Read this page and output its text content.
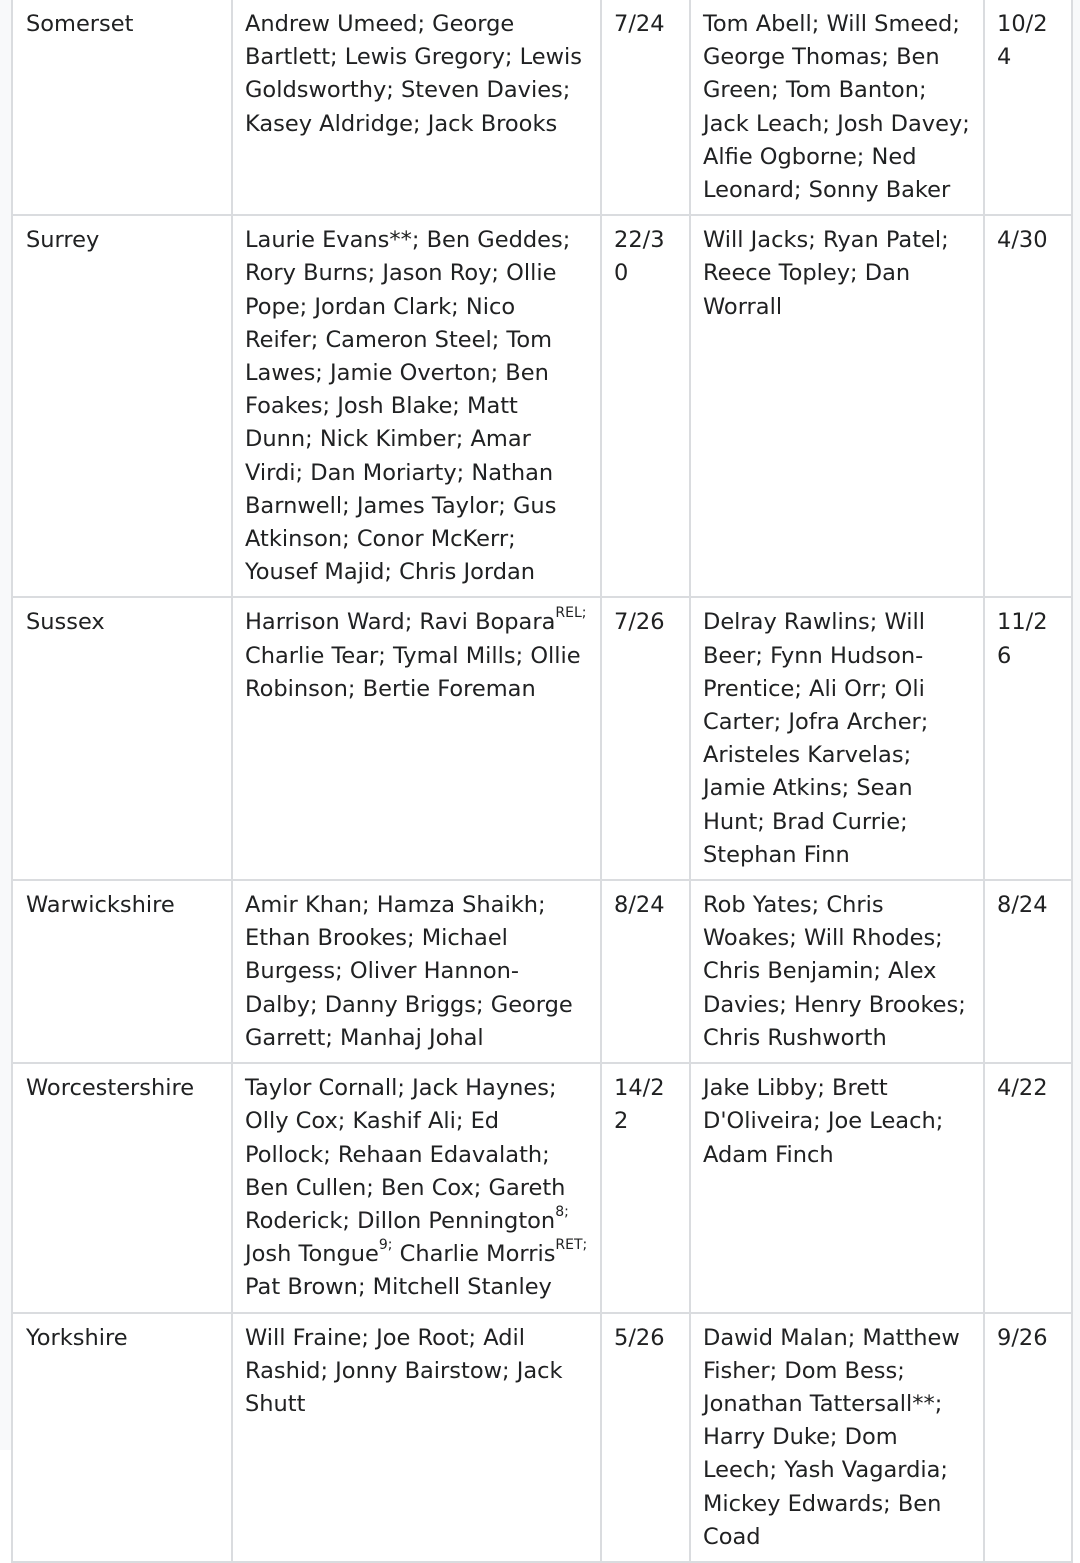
Somerset	Andrew Umeed; George Bartlett; Lewis Gregory; Lewis Goldsworthy; Steven Davies; Kasey Aldridge; Jack Brooks	7/24	Tom Abell; Will Smeed; George Thomas; Ben Green; Tom Banton; Jack Leach; Josh Davey; Alfie Ogborne; Ned Leonard; Sonny Baker	10/24
Surrey	Laurie Evans**; Ben Geddes; Rory Burns; Jason Roy; Ollie Pope; Jordan Clark; Nico Reifer; Cameron Steel; Tom Lawes; Jamie Overton; Ben Foakes; Josh Blake; Matt Dunn; Nick Kimber; Amar Virdi; Dan Moriarty; Nathan Barnwell; James Taylor; Gus Atkinson; Conor McKerr; Yousef Majid; Chris Jordan	22/30	Will Jacks; Ryan Patel; Reece Topley; Dan Worrall	4/30
Sussex	Harrison Ward; Ravi Bopara$^{REL;}$ Charlie Tear; Tymal Mills; Ollie Robinson; Bertie Foreman	7/26	Delray Rawlins; Will Beer; Fynn Hudson-Prentice; Ali Orr; Oli Carter; Jofra Archer; Aristeles Karvelas; Jamie Atkins; Sean Hunt; Brad Currie; Stephan Finn	11/26
Warwickshire	Amir Khan; Hamza Shaikh; Ethan Brookes; Michael Burgess; Oliver Hannon-Dalby; Danny Briggs; George Garrett; Manhaj Johal	8/24	Rob Yates; Chris Woakes; Will Rhodes; Chris Benjamin; Alex Davies; Henry Brookes; Chris Rushworth	8/24
Worcestershire	Taylor Cornall; Jack Haynes; Olly Cox; Kashif Ali; Ed Pollock; Rehaan Edavalath; Ben Cullen; Ben Cox; Gareth Roderick; Dillon Pennington$^{8;}$ Josh Tongue$^{9;}$ Charlie Morris$^{RET;}$ Pat Brown; Mitchell Stanley	14/22	Jake Libby; Brett D'Oliveira; Joe Leach; Adam Finch	4/22
Yorkshire	Will Fraine; Joe Root; Adil Rashid; Jonny Bairstow; Jack Shutt	5/26	Dawid Malan; Matthew Fisher; Dom Bess; Jonathan Tattersall**; Harry Duke; Dom Leech; Yash Vagardia; Mickey Edwards; Ben Coad	9/26
